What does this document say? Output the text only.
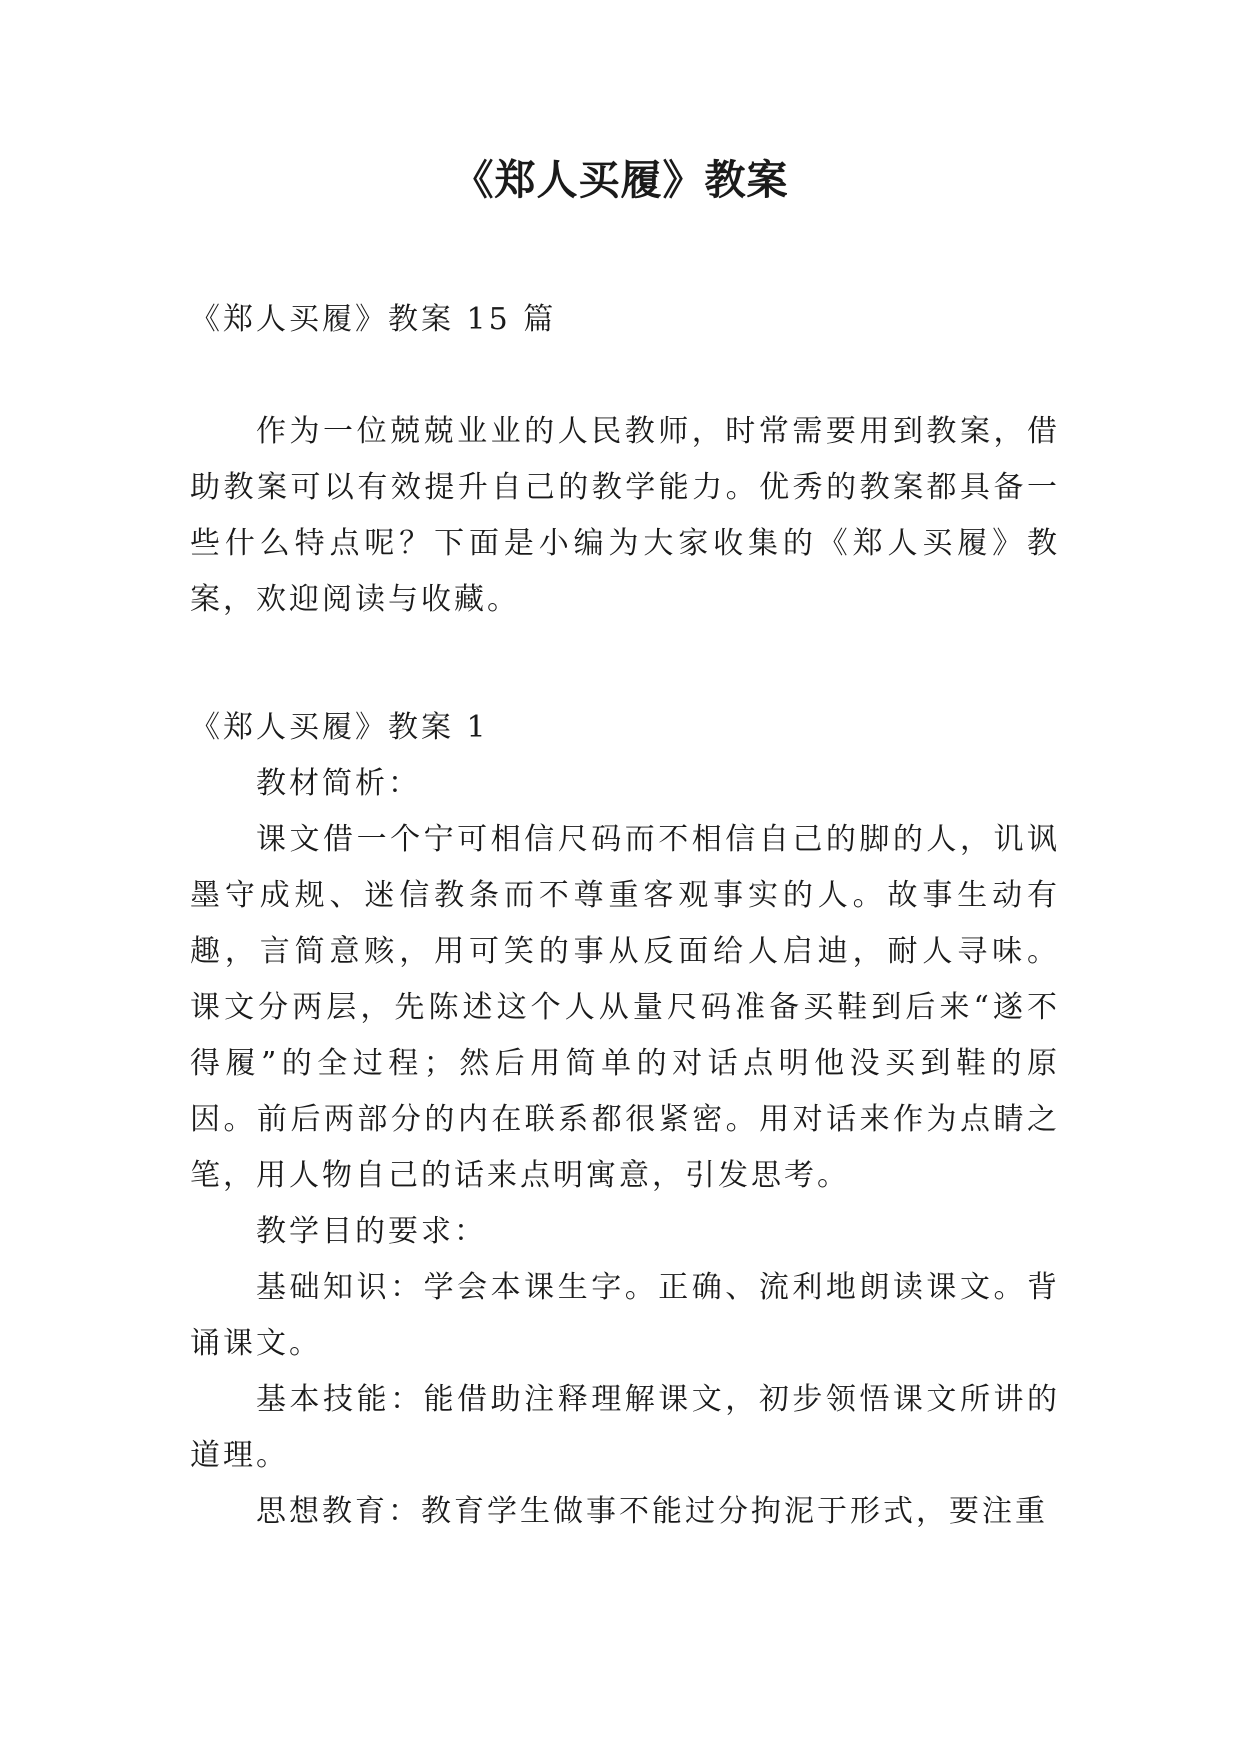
《郑人买履》教案

《郑人买履》教案 15 篇

作为一位兢兢业业的人民教师，时常需要用到教案，借助教案可以有效提升自己的教学能力。优秀的教案都具备一些什么特点呢？下面是小编为大家收集的《郑人买履》教案，欢迎阅读与收藏。

《郑人买履》教案 1

教材简析：

课文借一个宁可相信尺码而不相信自己的脚的人，讥讽墨守成规、迷信教条而不尊重客观事实的人。故事生动有趣，言简意赅，用可笑的事从反面给人启迪，耐人寻味。 课文分两层，先陈述这个人从量尺码准备买鞋到后来“遂不得履”的全过程；然后用简单的对话点明他没买到鞋的原因。前后两部分的内在联系都很紧密。用对话来作为点睛之笔，用人物自己的话来点明寓意，引发思考。

教学目的要求：

基础知识：学会本课生字。正确、流利地朗读课文。背诵课文。

基本技能：能借助注释理解课文，初步领悟课文所讲的道理。

思想教育：教育学生做事不能过分拘泥于形式，要注重
